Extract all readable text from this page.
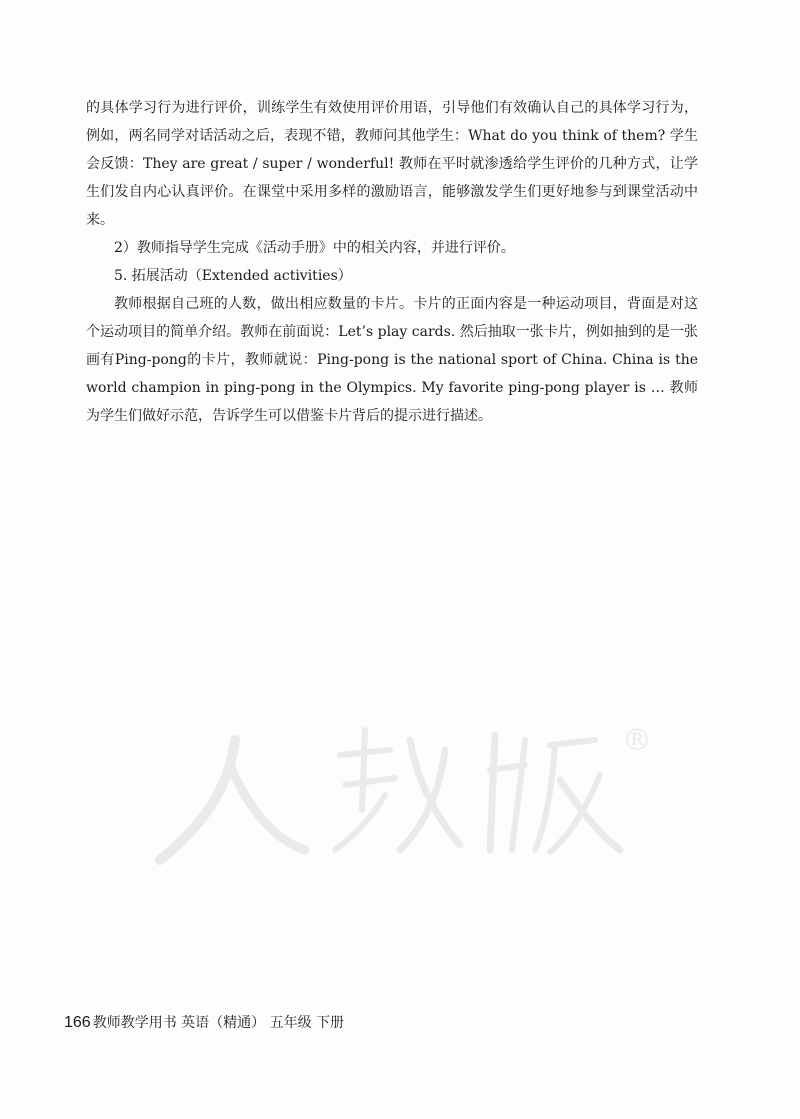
的具体学习行为进行评价，训练学生有效使用评价用语，引导他们有效确认自己的具体学习行为，例如，两名同学对话活动之后，表现不错，教师问其他学生：What do you think of them? 学生会反馈：They are great / super / wonderful! 教师在平时就渗透给学生评价的几种方式，让学生们发自内心认真评价。在课堂中采用多样的激励语言，能够激发学生们更好地参与到课堂活动中来。

2）教师指导学生完成《活动手册》中的相关内容，并进行评价。

5. 拓展活动（Extended activities）

教师根据自己班的人数，做出相应数量的卡片。卡片的正面内容是一种运动项目，背面是对这个运动项目的简单介绍。教师在前面说：Let’s play cards. 然后抽取一张卡片，例如抽到的是一张画有Ping-pong的卡片，教师就说：Ping-pong is the national sport of China. China is the world champion in ping-pong in the Olympics. My favorite ping-pong player is … 教师为学生们做好示范，告诉学生可以借鉴卡片背后的提示进行描述。

®
166 教师教学用书 英语（精通） 五年级 下册
